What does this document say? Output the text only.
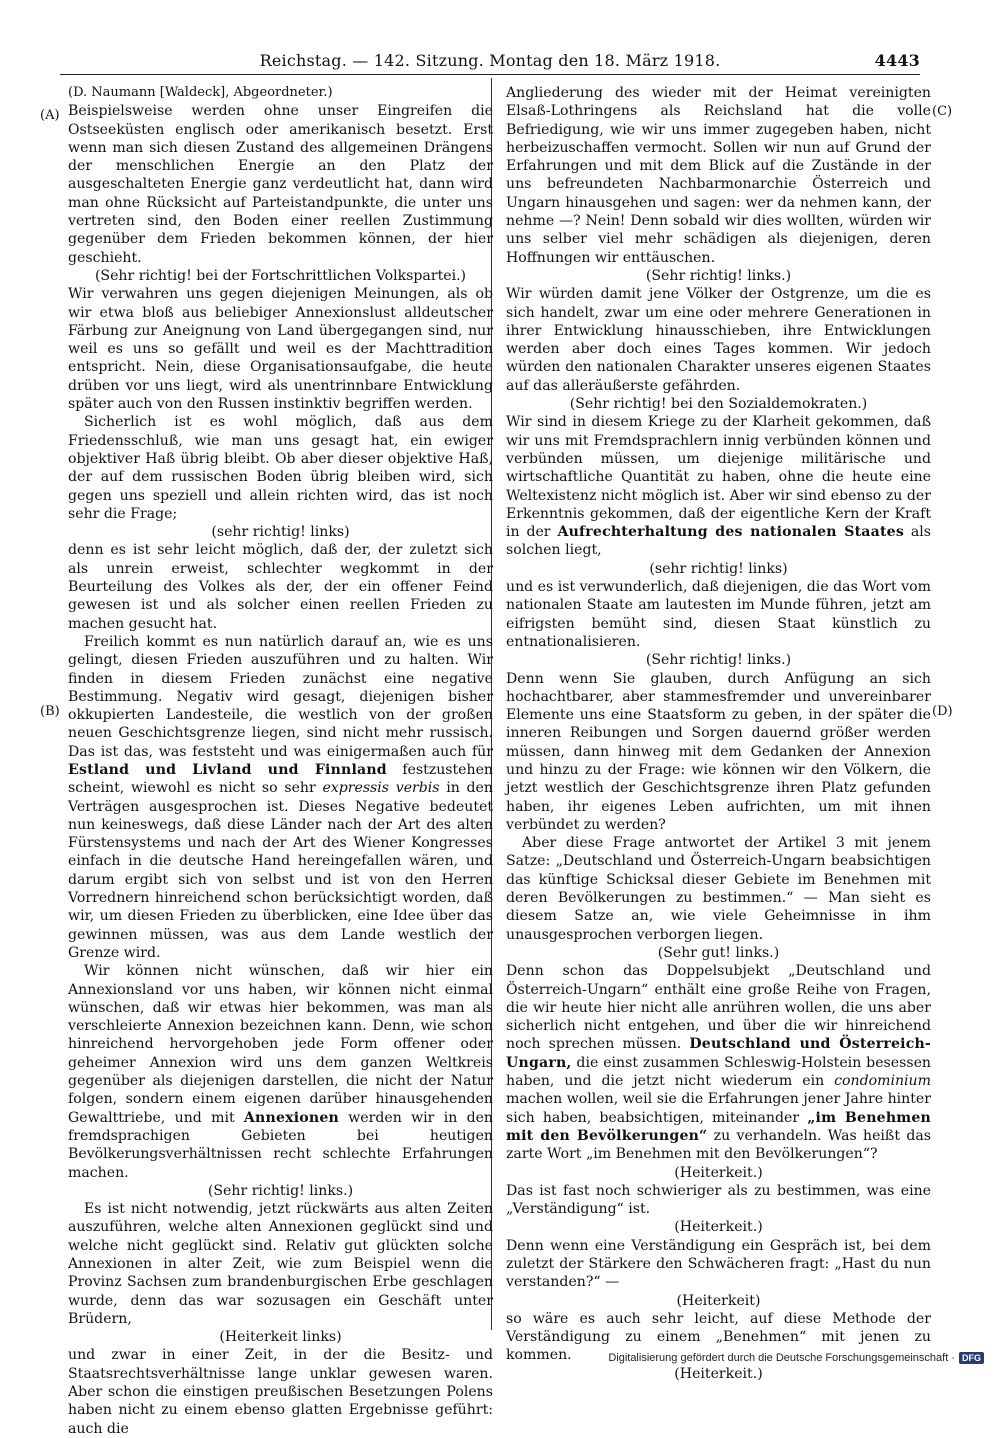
Reichstag. — 142. Sitzung. Montag den 18. März 1918.	4443
(A)
(B)
(C)
(D)

(D. Naumann [Waldeck], Abgeordneter.)

Beispielsweise werden ohne unser Eingreifen die Ostseeküsten englisch oder amerikanisch besetzt. Erst wenn man sich diesen Zustand des allgemeinen Drängens der menschlichen Energie an den Platz der ausgeschalteten Energie ganz verdeutlicht hat, dann wird man ohne Rücksicht auf Parteistandpunkte, die unter uns vertreten sind, den Boden einer reellen Zustimmung gegenüber dem Frieden bekommen können, der hier geschieht.

(Sehr richtig! bei der Fortschrittlichen Volkspartei.)

Wir verwahren uns gegen diejenigen Meinungen, als ob wir etwa bloß aus beliebiger Annexionslust alldeutscher Färbung zur Aneignung von Land übergegangen sind, nur weil es uns so gefällt und weil es der Machttradition entspricht. Nein, diese Organisationsaufgabe, die heute drüben vor uns liegt, wird als unentrinnbare Entwicklung später auch von den Russen instinktiv begriffen werden.

Sicherlich ist es wohl möglich, daß aus dem Friedensschluß, wie man uns gesagt hat, ein ewiger objektiver Haß übrig bleibt. Ob aber dieser objektive Haß, der auf dem russischen Boden übrig bleiben wird, sich gegen uns speziell und allein richten wird, das ist noch sehr die Frage;

(sehr richtig! links)

denn es ist sehr leicht möglich, daß der, der zuletzt sich als unrein erweist, schlechter wegkommt in der Beurteilung des Volkes als der, der ein offener Feind gewesen ist und als solcher einen reellen Frieden zu machen gesucht hat.

Freilich kommt es nun natürlich darauf an, wie es uns gelingt, diesen Frieden auszuführen und zu halten. Wir finden in diesem Frieden zunächst eine negative Bestimmung. Negativ wird gesagt, diejenigen bisher okkupierten Landesteile, die westlich von der großen neuen Geschichtsgrenze liegen, sind nicht mehr russisch. Das ist das, was feststeht und was einigermaßen auch für Estland und Livland und Finnland festzustehen scheint, wiewohl es nicht so sehr expressis verbis in den Verträgen ausgesprochen ist. Dieses Negative bedeutet nun keineswegs, daß diese Länder nach der Art des alten Fürstensystems und nach der Art des Wiener Kongresses einfach in die deutsche Hand hereingefallen wären, und darum ergibt sich von selbst und ist von den Herren Vorrednern hinreichend schon berücksichtigt worden, daß wir, um diesen Frieden zu überblicken, eine Idee über das gewinnen müssen, was aus dem Lande westlich der Grenze wird.

Wir können nicht wünschen, daß wir hier ein Annexionsland vor uns haben, wir können nicht einmal wünschen, daß wir etwas hier bekommen, was man als verschleierte Annexion bezeichnen kann. Denn, wie schon hinreichend hervorgehoben jede Form offener oder geheimer Annexion wird uns dem ganzen Weltkreis gegenüber als diejenigen darstellen, die nicht der Natur folgen, sondern einem eigenen darüber hinausgehenden Gewalttriebe, und mit Annexionen werden wir in den fremdsprachigen Gebieten bei heutigen Bevölkerungsverhältnissen recht schlechte Erfahrungen machen.

(Sehr richtig! links.)

Es ist nicht notwendig, jetzt rückwärts aus alten Zeiten auszuführen, welche alten Annexionen geglückt sind und welche nicht geglückt sind. Relativ gut glückten solche Annexionen in alter Zeit, wie zum Beispiel wenn die Provinz Sachsen zum brandenburgischen Erbe geschlagen wurde, denn das war sozusagen ein Geschäft unter Brüdern,

(Heiterkeit links)

und zwar in einer Zeit, in der die Besitz- und Staatsrechtsverhältnisse lange unklar gewesen waren. Aber schon die einstigen preußischen Besetzungen Polens haben nicht zu einem ebenso glatten Ergebnisse geführt: auch die

Angliederung des wieder mit der Heimat vereinigten Elsaß-Lothringens als Reichsland hat die volle Befriedigung, wie wir uns immer zugegeben haben, nicht herbeizuschaffen vermocht. Sollen wir nun auf Grund der Erfahrungen und mit dem Blick auf die Zustände in der uns befreundeten Nachbarmonarchie Österreich und Ungarn hinausgehen und sagen: wer da nehmen kann, der nehme —? Nein! Denn sobald wir dies wollten, würden wir uns selber viel mehr schädigen als diejenigen, deren Hoffnungen wir enttäuschen.

(Sehr richtig! links.)

Wir würden damit jene Völker der Ostgrenze, um die es sich handelt, zwar um eine oder mehrere Generationen in ihrer Entwicklung hinausschieben, ihre Entwicklungen werden aber doch eines Tages kommen. Wir jedoch würden den nationalen Charakter unseres eigenen Staates auf das alleräußerste gefährden.

(Sehr richtig! bei den Sozialdemokraten.)

Wir sind in diesem Kriege zu der Klarheit gekommen, daß wir uns mit Fremdsprachlern innig verbünden können und verbünden müssen, um diejenige militärische und wirtschaftliche Quantität zu haben, ohne die heute eine Weltexistenz nicht möglich ist. Aber wir sind ebenso zu der Erkenntnis gekommen, daß der eigentliche Kern der Kraft in der Aufrechterhaltung des nationalen Staates als solchen liegt,

(sehr richtig! links)

und es ist verwunderlich, daß diejenigen, die das Wort vom nationalen Staate am lautesten im Munde führen, jetzt am eifrigsten bemüht sind, diesen Staat künstlich zu entnationalisieren.

(Sehr richtig! links.)

Denn wenn Sie glauben, durch Anfügung an sich hochachtbarer, aber stammesfremder und unvereinbarer Elemente uns eine Staatsform zu geben, in der später die inneren Reibungen und Sorgen dauernd größer werden müssen, dann hinweg mit dem Gedanken der Annexion und hinzu zu der Frage: wie können wir den Völkern, die jetzt westlich der Geschichtsgrenze ihren Platz gefunden haben, ihr eigenes Leben aufrichten, um mit ihnen verbündet zu werden?

Aber diese Frage antwortet der Artikel 3 mit jenem Satze: „Deutschland und Österreich-Ungarn beabsichtigen das künftige Schicksal dieser Gebiete im Benehmen mit deren Bevölkerungen zu bestimmen.“ — Man sieht es diesem Satze an, wie viele Geheimnisse in ihm unausgesprochen verborgen liegen.

(Sehr gut! links.)

Denn schon das Doppelsubjekt „Deutschland und Österreich-Ungarn“ enthält eine große Reihe von Fragen, die wir heute hier nicht alle anrühren wollen, die uns aber sicherlich nicht entgehen, und über die wir hinreichend noch sprechen müssen. Deutschland und Österreich-Ungarn, die einst zusammen Schleswig-Holstein besessen haben, und die jetzt nicht wiederum ein condominium machen wollen, weil sie die Erfahrungen jener Jahre hinter sich haben, beabsichtigen, miteinander „im Benehmen mit den Bevölkerungen“ zu verhandeln. Was heißt das zarte Wort „im Benehmen mit den Bevölkerungen“?

(Heiterkeit.)

Das ist fast noch schwieriger als zu bestimmen, was eine „Verständigung“ ist.

(Heiterkeit.)

Denn wenn eine Verständigung ein Gespräch ist, bei dem zuletzt der Stärkere den Schwächeren fragt: „Hast du nun verstanden?“ —

(Heiterkeit)

so wäre es auch sehr leicht, auf diese Methode der Verständigung zu einem „Benehmen“ mit jenen zu kommen.

(Heiterkeit.)

Digitalisierung gefördert durch die Deutsche Forschungsgemeinschaft · DFG
